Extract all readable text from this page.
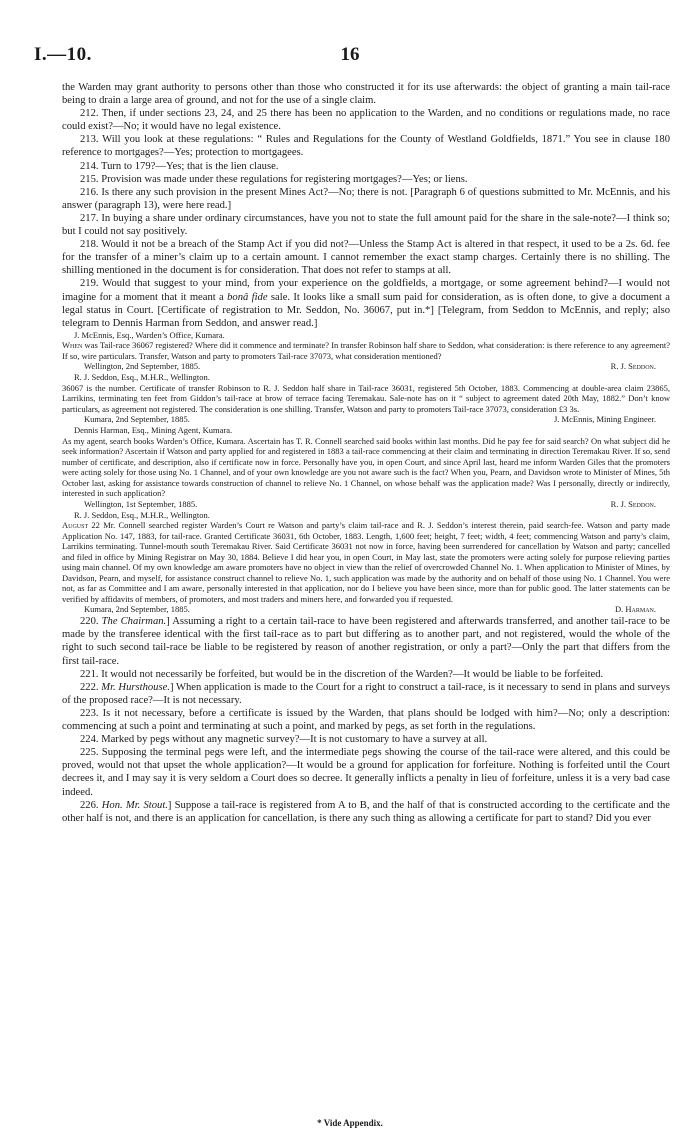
I.—10.	16

the Warden may grant authority to persons other than those who constructed it for its use afterwards: the object of granting a main tail-race being to drain a large area of ground, and not for the use of a single claim.

212. Then, if under sections 23, 24, and 25 there has been no application to the Warden, and no conditions or regulations made, no race could exist?—No; it would have no legal existence.

213. Will you look at these regulations: “ Rules and Regulations for the County of Westland Goldfields, 1871.” You see in clause 180 reference to mortgages?—Yes; protection to mortgagees.

214. Turn to 179?—Yes; that is the lien clause.

215. Provision was made under these regulations for registering mortgages?—Yes; or liens.

216. Is there any such provision in the present Mines Act?—No; there is not. [Paragraph 6 of questions submitted to Mr. McEnnis, and his answer (paragraph 13), were here read.]

217. In buying a share under ordinary circumstances, have you not to state the full amount paid for the share in the sale-note?—I think so; but I could not say positively.

218. Would it not be a breach of the Stamp Act if you did not?—Unless the Stamp Act is altered in that respect, it used to be a 2s. 6d. fee for the transfer of a miner’s claim up to a certain amount. I cannot remember the exact stamp charges. Certainly there is no shilling. The shilling mentioned in the document is for consideration. That does not refer to stamps at all.

219. Would that suggest to your mind, from your experience on the goldfields, a mortgage, or some agreement behind?—I would not imagine for a moment that it meant a bonâ fide sale. It looks like a small sum paid for consideration, as is often done, to give a document a legal status in Court. [Certificate of registration to Mr. Seddon, No. 36067, put in.*] [Telegram, from Seddon to McEnnis, and reply; also telegram to Dennis Harman from Seddon, and answer read.]

J. McEnnis, Esq., Warden’s Office, Kumara.

When was Tail-race 36067 registered? Where did it commence and terminate? In transfer Robinson half share to Seddon, what consideration: is there reference to any agreement? If so, wire particulars. Transfer, Watson and party to promoters Tail-race 37073, what consideration mentioned?

Wellington, 2nd September, 1885.	R. J. Seddon.

R. J. Seddon, Esq., M.H.R., Wellington.

36067 is the number. Certificate of transfer Robinson to R. J. Seddon half share in Tail-race 36031, registered 5th October, 1883. Commencing at double-area claim 23865, Larrikins, terminating ten feet from Giddon’s tail-race at brow of terrace facing Teremakau. Sale-note has on it “ subject to agreement dated 20th May, 1882.” Don’t know particulars, as agreement not registered. The consideration is one shilling. Transfer, Watson and party to promoters Tail-race 37073, consideration £3 3s.

Kumara, 2nd September, 1885.	J. McEnnis, Mining Engineer.

Dennis Harman, Esq., Mining Agent, Kumara.

As my agent, search books Warden’s Office, Kumara. Ascertain has T. R. Connell searched said books within last months. Did he pay fee for said search? On what subject did he seek information? Ascertain if Watson and party applied for and registered in 1883 a tail-race commencing at their claim and terminating in direction Teremakau River. If so, send number of certificate, and description, also if certificate now in force. Personally have you, in open Court, and since April last, heard me inform Warden Giles that the promoters were acting solely for those using No. 1 Channel, and of your own knowledge are you not aware such is the fact? When you, Pearn, and Davidson wrote to Minister of Mines, 5th October last, asking for assistance towards construction of channel to relieve No. 1 Channel, on whose behalf was the application made? Was I personally, directly or indirectly, interested in such application?

Wellington, 1st September, 1885.	R. J. Seddon.

R. J. Seddon, Esq., M.H.R., Wellington.

August 22 Mr. Connell searched register Warden’s Court re Watson and party’s claim tail-race and R. J. Seddon’s interest therein, paid search-fee. Watson and party made Application No. 147, 1883, for tail-race. Granted Certificate 36031, 6th October, 1883. Length, 1,600 feet; height, 7 feet; width, 4 feet; commencing Watson and party’s claim, Larrikins terminating. Tunnel-mouth south Teremakau River. Said Certificate 36031 not now in force, having been surrendered for cancellation by Watson and party; cancelled and filed in office by Mining Registrar on May 30, 1884. Believe I did hear you, in open Court, in May last, state the promoters were acting solely for purpose relieving parties using main channel. Of my own knowledge am aware promoters have no object in view than the relief of overcrowded Channel No. 1. When application to Minister of Mines, by Davidson, Pearn, and myself, for assistance construct channel to relieve No. 1, such application was made by the authority and on behalf of those using No. 1 Channel. You were not, as far as Committee and I am aware, personally interested in that application, nor do I believe you have been since, more than for public good. The latter statements can be verified by affidavits of members, of promoters, and most traders and miners here, and forwarded you if requested.

Kumara, 2nd September, 1885.	D. Harman.

220. The Chairman.] Assuming a right to a certain tail-race to have been registered and afterwards transferred, and another tail-race to be made by the transferee identical with the first tail-race as to part but differing as to another part, and not registered, would the whole of the right to such second tail-race be liable to be registered by reason of another registration, or only a part?—Only the part that differs from the first tail-race.

221. It would not necessarily be forfeited, but would be in the discretion of the Warden?—It would be liable to be forfeited.

222. Mr. Hursthouse.] When application is made to the Court for a right to construct a tail-race, is it necessary to send in plans and surveys of the proposed race?—It is not necessary.

223. Is it not necessary, before a certificate is issued by the Warden, that plans should be lodged with him?—No; only a description: commencing at such a point and terminating at such a point, and marked by pegs, as set forth in the regulations.

224. Marked by pegs without any magnetic survey?—It is not customary to have a survey at all.

225. Supposing the terminal pegs were left, and the intermediate pegs showing the course of the tail-race were altered, and this could be proved, would not that upset the whole application?—It would be a ground for application for forfeiture. Nothing is forfeited until the Court decrees it, and I may say it is very seldom a Court does so decree. It generally inflicts a penalty in lieu of forfeiture, unless it is a very bad case indeed.

226. Hon. Mr. Stout.] Suppose a tail-race is registered from A to B, and the half of that is constructed according to the certificate and the other half is not, and there is an application for cancellation, is there any such thing as allowing a certificate for part to stand? Did you ever

* Vide Appendix.
